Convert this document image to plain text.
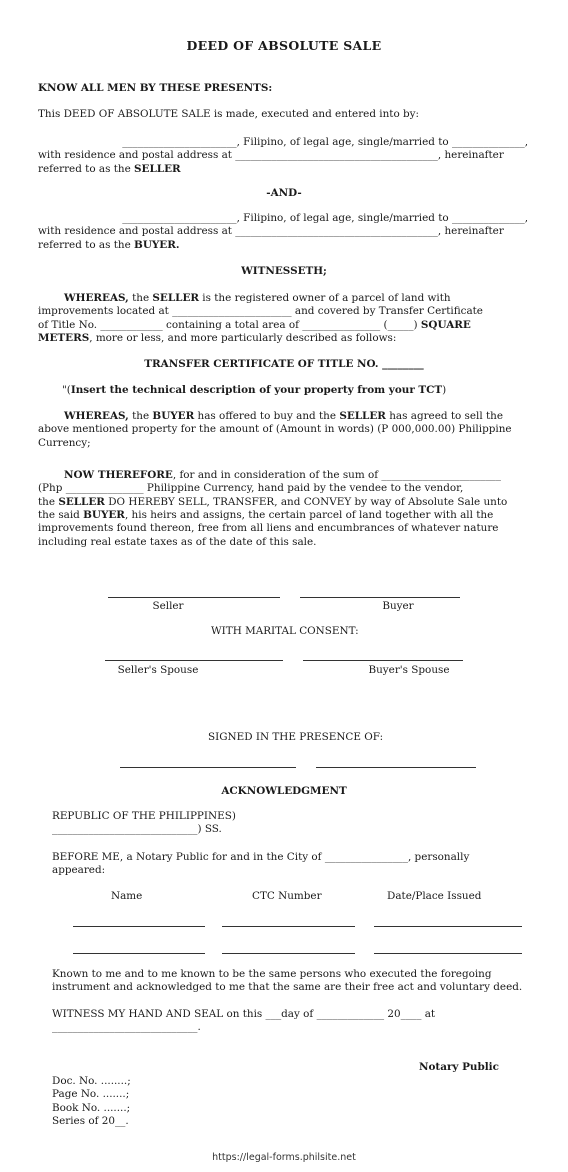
DEED OF ABSOLUTE SALE
KNOW ALL MEN BY THESE PRESENTS:
This DEED OF ABSOLUTE SALE is made, executed and entered into by:
______________________, Filipino, of legal age, single/married to ______________,
with residence and postal address at _______________________________________, hereinafter
referred to as the SELLER
-AND-
______________________, Filipino, of legal age, single/married to ______________,
with residence and postal address at _______________________________________, hereinafter
referred to as the BUYER.
WITNESSETH;
WHEREAS, the SELLER is the registered owner of a parcel of land with
improvements located at _______________________ and covered by Transfer Certificate
of Title No. ____________ containing a total area of _______________ (_____) SQUARE
METERS, more or less, and more particularly described as follows:
TRANSFER CERTIFICATE OF TITLE NO. ________
"(Insert the technical description of your property from your TCT)
WHEREAS, the BUYER has offered to buy and the SELLER has agreed to sell the
above mentioned property for the amount of (Amount in words) (P 000,000.00) Philippine
Currency;
NOW THEREFORE, for and in consideration of the sum of _______________________
(Php _______________ Philippine Currency, hand paid by the vendee to the vendor,
the SELLER DO HEREBY SELL, TRANSFER, and CONVEY by way of Absolute Sale unto
the said BUYER, his heirs and assigns, the certain parcel of land together with all the
improvements found thereon, free from all liens and encumbrances of whatever nature
including real estate taxes as of the date of this sale.
Seller	Buyer
WITH MARITAL CONSENT:
Seller's Spouse	Buyer's Spouse
SIGNED IN THE PRESENCE OF:
ACKNOWLEDGMENT
REPUBLIC OF THE PHILIPPINES)
____________________________) SS.
BEFORE ME, a Notary Public for and in the City of ________________, personally
appeared:
Name	CTC Number	Date/Place Issued
Known to me and to me known to be the same persons who executed the foregoing
instrument and acknowledged to me that the same are their free act and voluntary deed.
WITNESS MY HAND AND SEAL on this ___day of _____________ 20____ at
____________________________.
Notary Public
Doc. No. ........;
Page No. .......;
Book No. .......;
Series of 20__.
https://legal-forms.philsite.net
